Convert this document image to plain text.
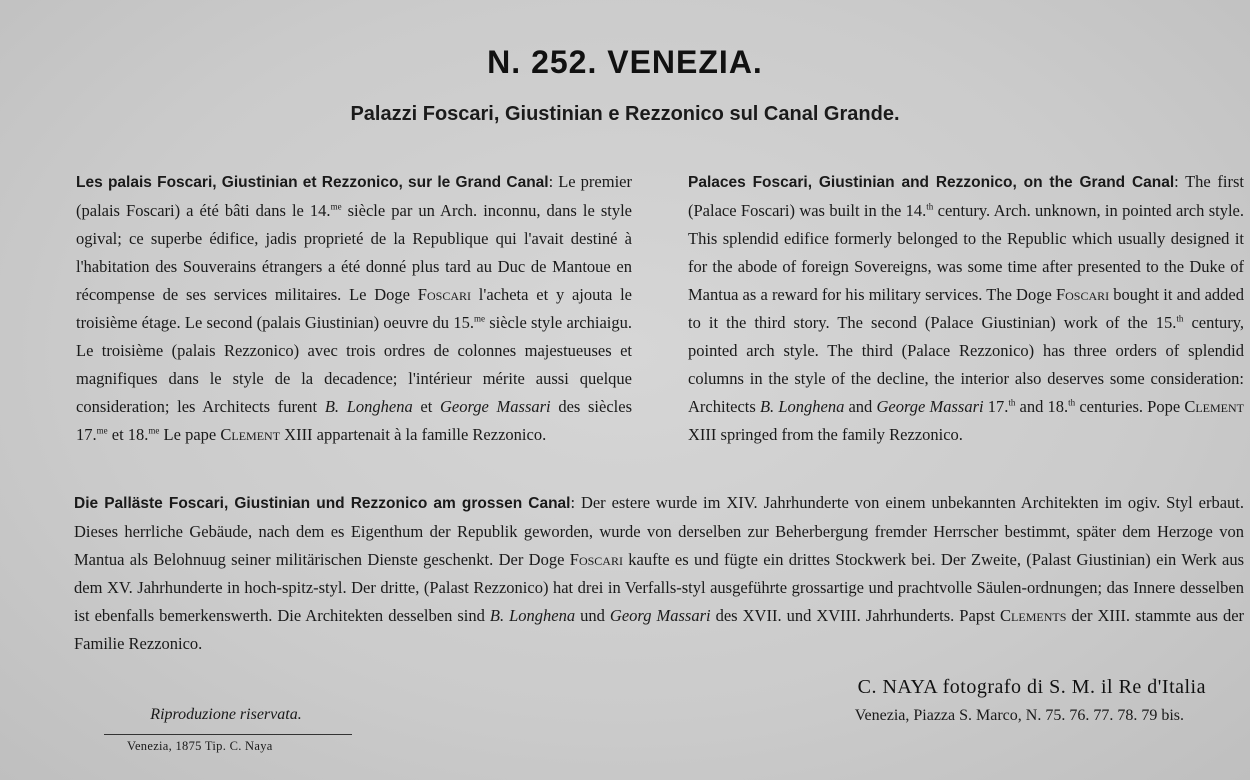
N. 252. VENEZIA.
Palazzi Foscari, Giustinian e Rezzonico sul Canal Grande.
Les palais Foscari, Giustinian et Rezzonico, sur le Grand Canal: Le premier (palais Foscari) a été bâti dans le 14.$^{me}$ siècle par un Arch. inconnu, dans le style ogival; ce superbe édifice, jadis proprieté de la Republique qui l'avait destiné à l'habitation des Souverains étrangers a été donné plus tard au Duc de Mantoue en récompense de ses services militaires. Le Doge Foscari l'acheta et y ajouta le troisième étage. Le second (palais Giustinian) oeuvre du 15.$^{me}$ siècle style archiaigu. Le troisième (palais Rezzonico) avec trois ordres de colonnes majestueuses et magnifiques dans le style de la decadence; l'intérieur mérite aussi quelque consideration; les Architects furent B. Longhena et George Massari des siècles 17.$^{me}$ et 18.$^{me}$ Le pape Clement XIII appartenait à la famille Rezzonico.
Palaces Foscari, Giustinian and Rezzonico, on the Grand Canal: The first (Palace Foscari) was built in the 14.$^{th}$ century. Arch. unknown, in pointed arch style. This splendid edifice formerly belonged to the Republic which usually designed it for the abode of foreign Sovereigns, was some time after presented to the Duke of Mantua as a reward for his military services. The Doge Foscari bought it and added to it the third story. The second (Palace Giustinian) work of the 15.$^{th}$ century, pointed arch style. The third (Palace Rezzonico) has three orders of splendid columns in the style of the decline, the interior also deserves some consideration: Architects B. Longhena and George Massari 17.$^{th}$ and 18.$^{th}$ centuries. Pope Clement XIII springed from the family Rezzonico.
Die Palläste Foscari, Giustinian und Rezzonico am grossen Canal: Der estere wurde im XIV. Jahrhunderte von einem unbekannten Architekten im ogiv. Styl erbaut. Dieses herrliche Gebäude, nach dem es Eigenthum der Republik geworden, wurde von derselben zur Beherbergung fremder Herrscher bestimmt, später dem Herzoge von Mantua als Belohnuug seiner militärischen Dienste geschenkt. Der Doge Foscari kaufte es und fügte ein drittes Stockwerk bei. Der Zweite, (Palast Giustinian) ein Werk aus dem XV. Jahrhunderte in hoch-spitz-styl. Der dritte, (Palast Rezzonico) hat drei in Verfalls-styl ausgeführte grossartige und prachtvolle Säulen-ordnungen; das Innere desselben ist ebenfalls bemerkenswerth. Die Architekten desselben sind B. Longhena und Georg Massari des XVII. und XVIII. Jahrhunderts. Papst Clements der XIII. stammte aus der Familie Rezzonico.
C. NAYA fotografo di S. M. il Re d'Italia
Venezia, Piazza S. Marco, N. 75. 76. 77. 78. 79 bis.
Riproduzione riservata.
Venezia, 1875 Tip. C. Naya
